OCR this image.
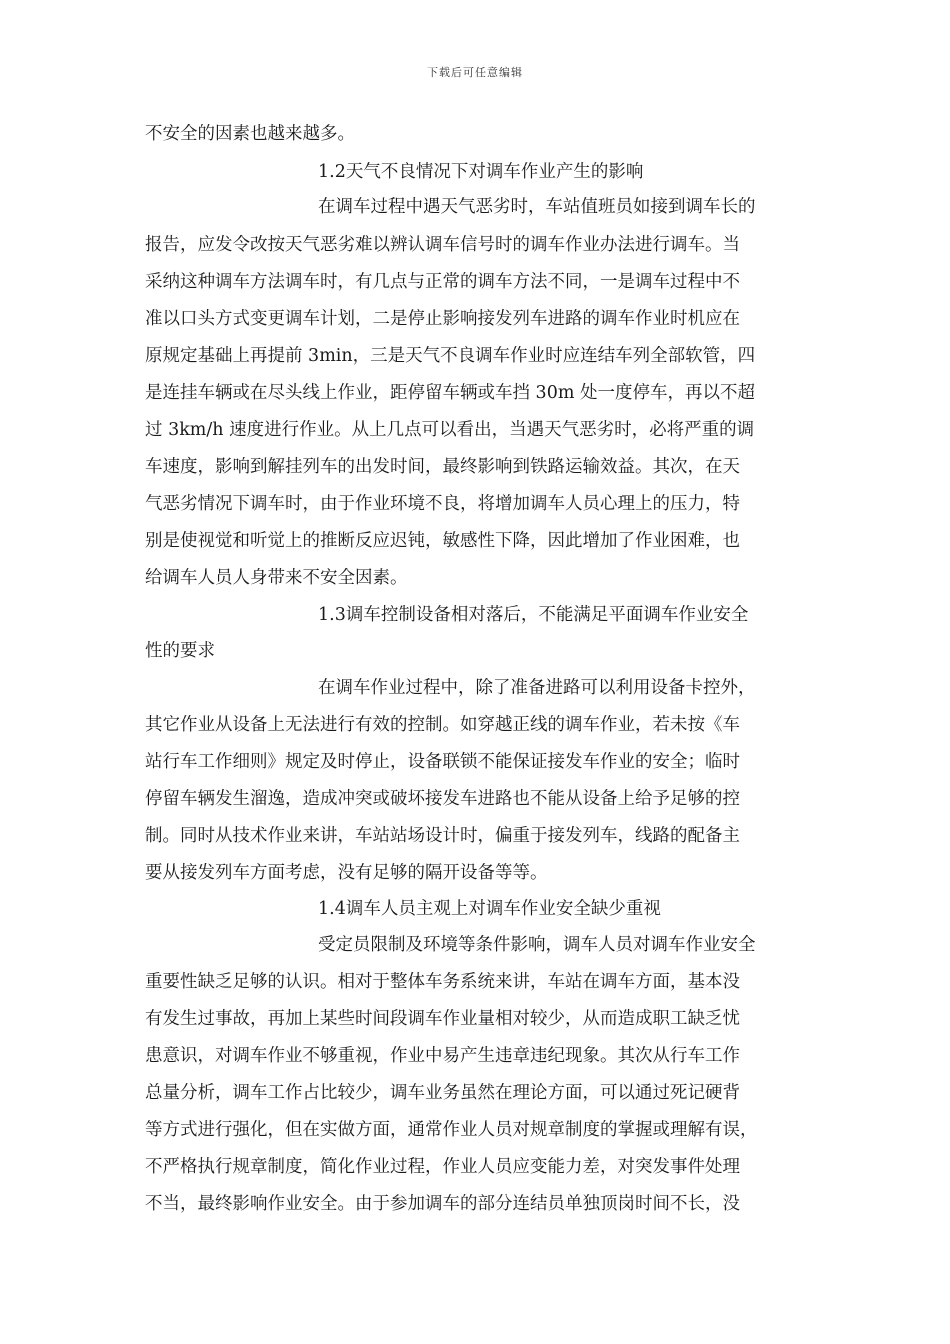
下载后可任意编辑
不安全的因素也越来越多。
1.2天气不良情况下对调车作业产生的影响
在调车过程中遇天气恶劣时，车站值班员如接到调车长的
报告，应发令改按天气恶劣难以辨认调车信号时的调车作业办法进行调车。当
采纳这种调车方法调车时，有几点与正常的调车方法不同，一是调车过程中不
准以口头方式变更调车计划，二是停止影响接发列车进路的调车作业时机应在
原规定基础上再提前 3min，三是天气不良调车作业时应连结车列全部软管，四
是连挂车辆或在尽头线上作业，距停留车辆或车挡 30m 处一度停车，再以不超
过 3km/h 速度进行作业。从上几点可以看出，当遇天气恶劣时，必将严重的调
车速度，影响到解挂列车的出发时间，最终影响到铁路运输效益。其次，在天
气恶劣情况下调车时，由于作业环境不良，将增加调车人员心理上的压力，特
别是使视觉和听觉上的推断反应迟钝，敏感性下降，因此增加了作业困难，也
给调车人员人身带来不安全因素。
1.3调车控制设备相对落后，不能满足平面调车作业安全
性的要求
在调车作业过程中，除了准备进路可以利用设备卡控外，
其它作业从设备上无法进行有效的控制。如穿越正线的调车作业，若未按《车
站行车工作细则》规定及时停止，设备联锁不能保证接发车作业的安全；临时
停留车辆发生溜逸，造成冲突或破坏接发车进路也不能从设备上给予足够的控
制。同时从技术作业来讲，车站站场设计时，偏重于接发列车，线路的配备主
要从接发列车方面考虑，没有足够的隔开设备等等。
1.4调车人员主观上对调车作业安全缺少重视
受定员限制及环境等条件影响，调车人员对调车作业安全
重要性缺乏足够的认识。相对于整体车务系统来讲，车站在调车方面，基本没
有发生过事故，再加上某些时间段调车作业量相对较少，从而造成职工缺乏忧
患意识，对调车作业不够重视，作业中易产生违章违纪现象。其次从行车工作
总量分析，调车工作占比较少，调车业务虽然在理论方面，可以通过死记硬背
等方式进行强化，但在实做方面，通常作业人员对规章制度的掌握或理解有误，
不严格执行规章制度，简化作业过程，作业人员应变能力差，对突发事件处理
不当，最终影响作业安全。由于参加调车的部分连结员单独顶岗时间不长，没
